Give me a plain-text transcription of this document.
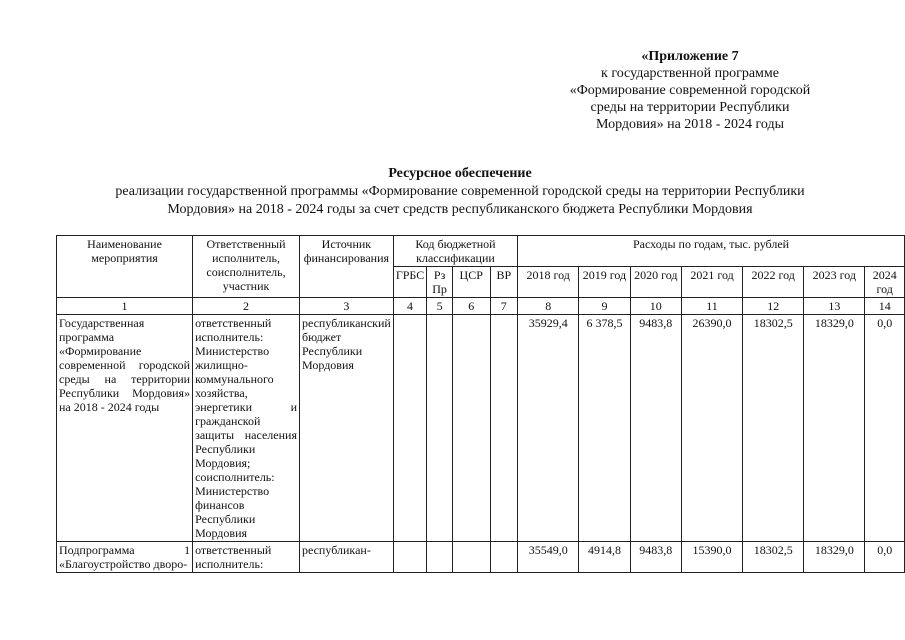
«Приложение 7
к государственной программе
«Формирование современной городской
среды на территории Республики
Мордовия» на 2018 - 2024 годы
Ресурсное обеспечение
реализации государственной программы «Формирование современной городской среды на территории Республики
Мордовия» на 2018 - 2024 годы за счет средств республиканского бюджета Республики Мордовия
Наименование мероприятия	Ответственный исполнитель, соисполнитель, участник	Источник финансирования	Код бюджетной классификации				Расходы по годам, тыс. рублей						
			ГРБС	Рз Пр	ЦСР	ВР	2018 год	2019 год	2020 год	2021 год	2022 год	2023 год	2024 год
1	2	3	4	5	6	7	8	9	10	11	12	13	14
Государственная программа «Формирование современной городской среды на территории Республики Мордовия» на 2018 - 2024 годы	ответственный исполнитель: Министерство жилищно-коммунального хозяйства, энергетики и гражданской защиты населения Республики Мордовия; соисполнитель: Министерство финансов Республики Мордовия	республиканский бюджет Республики Мордовия					35929,4	6 378,5	9483,8	26390,0	18302,5	18329,0	0,0
Подпрограмма 1 «Благоустройство дворо-	ответственный исполнитель:	республикан-					35549,0	4914,8	9483,8	15390,0	18302,5	18329,0	0,0
